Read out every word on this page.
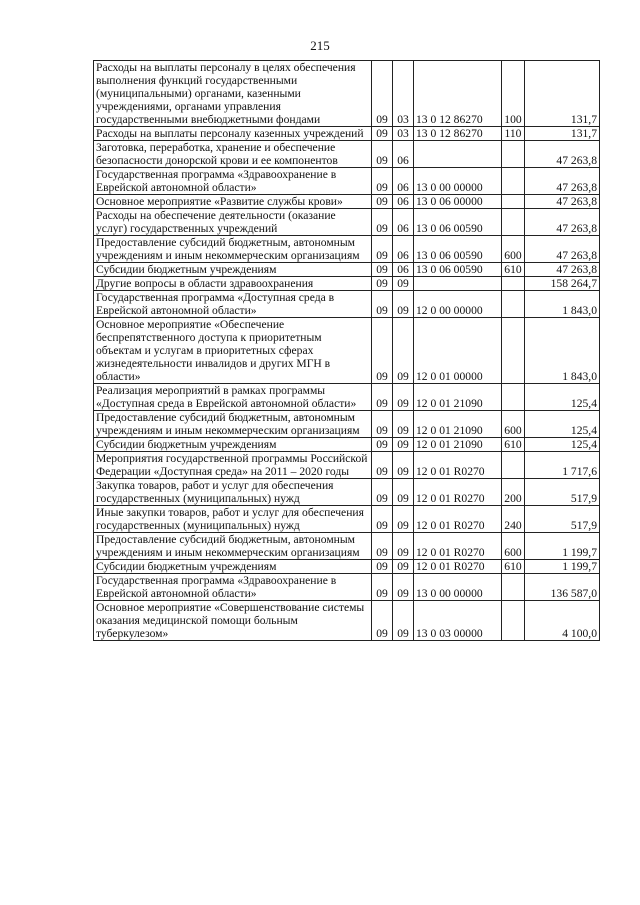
215
Расходы на выплаты персоналу в целях обеспечения выполнения функций государственными (муниципальными) органами, казенными учреждениями, органами управления государственными внебюджетными фондами	09	03	13 0 12 86270	100	131,7
Расходы на выплаты персоналу казенных учреждений	09	03	13 0 12 86270	110	131,7
Заготовка, переработка, хранение и обеспечение безопасности донорской крови и ее компонентов	09	06			47 263,8
Государственная программа «Здравоохранение в Еврейской автономной области»	09	06	13 0 00 00000		47 263,8
Основное мероприятие «Развитие службы крови»	09	06	13 0 06 00000		47 263,8
Расходы на обеспечение деятельности (оказание услуг) государственных учреждений	09	06	13 0 06 00590		47 263,8
Предоставление субсидий бюджетным, автономным учреждениям и иным некоммерческим организациям	09	06	13 0 06 00590	600	47 263,8
Субсидии бюджетным учреждениям	09	06	13 0 06 00590	610	47 263,8
Другие вопросы в области здравоохранения	09	09			158 264,7
Государственная программа «Доступная среда в Еврейской автономной области»	09	09	12 0 00 00000		1 843,0
Основное мероприятие «Обеспечение беспрепятственного доступа к приоритетным объектам и услугам в приоритетных сферах жизнедеятельности инвалидов и других МГН в области»	09	09	12 0 01 00000		1 843,0
Реализация мероприятий в рамках программы «Доступная среда в Еврейской автономной области»	09	09	12 0 01 21090		125,4
Предоставление субсидий бюджетным, автономным учреждениям и иным некоммерческим организациям	09	09	12 0 01 21090	600	125,4
Субсидии бюджетным учреждениям	09	09	12 0 01 21090	610	125,4
Мероприятия государственной программы Российской Федерации «Доступная среда» на 2011 – 2020 годы	09	09	12 0 01 R0270		1 717,6
Закупка товаров, работ и услуг для обеспечения государственных (муниципальных) нужд	09	09	12 0 01 R0270	200	517,9
Иные закупки товаров, работ и услуг для обеспечения государственных (муниципальных) нужд	09	09	12 0 01 R0270	240	517,9
Предоставление субсидий бюджетным, автономным учреждениям и иным некоммерческим организациям	09	09	12 0 01 R0270	600	1 199,7
Субсидии бюджетным учреждениям	09	09	12 0 01 R0270	610	1 199,7
Государственная программа «Здравоохранение в Еврейской автономной области»	09	09	13 0 00 00000		136 587,0
Основное мероприятие «Совершенствование системы оказания медицинской помощи больным туберкулезом»	09	09	13 0 03 00000		4 100,0
